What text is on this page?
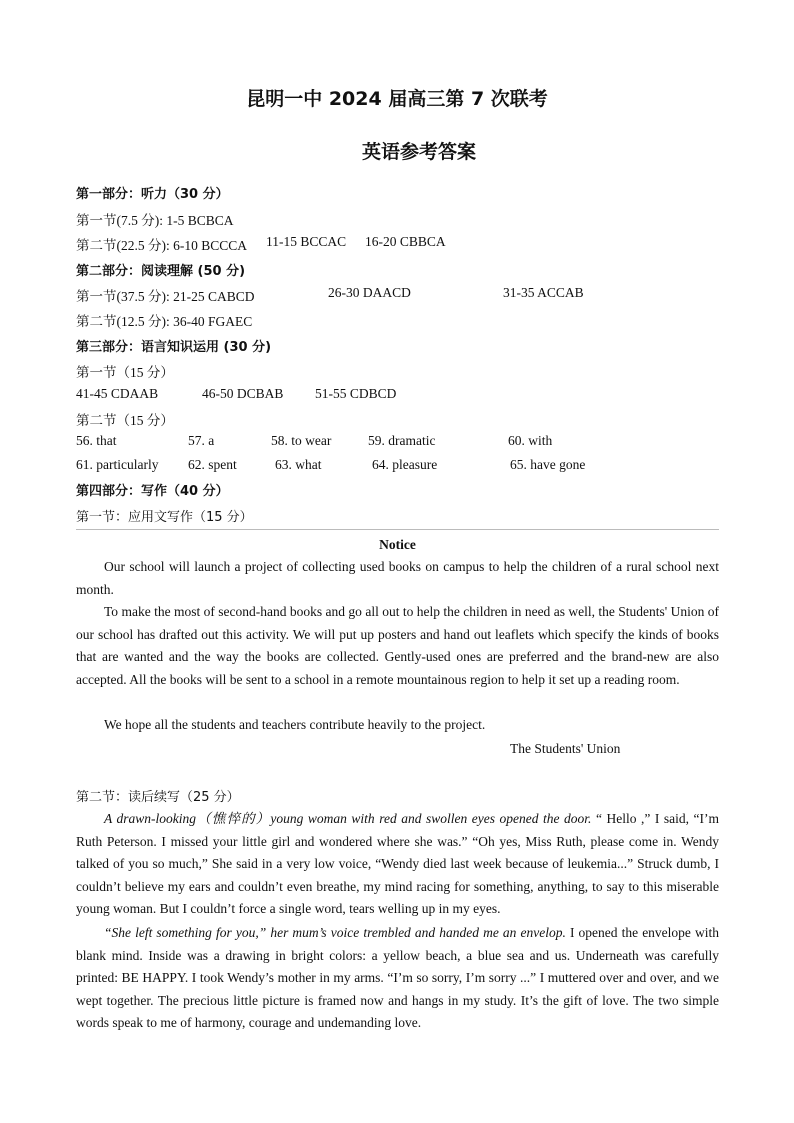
昆明一中 2024 届高三第 7 次联考
英语参考答案
第一部分：听力（30 分）
第一节(7.5 分): 1-5 BCBCA
第二节(22.5 分): 6-10 BCCCA 11-15 BCCAC 16-20 CBBCA
第二部分：阅读理解 (50 分)
第一节(37.5 分): 21-25 CABCD	26-30 DAACD	31-35 ACCAB
第二节(12.5 分): 36-40 FGAEC
第三部分：语言知识运用 (30 分)
第一节（15 分）
41-45 CDAAB	46-50 DCBAB 51-55 CDBCD
第二节（15 分）
56. that	57. a	58. to wear	59. dramatic	60. with
61. particularly 62. spent	63. what	64. pleasure	65. have gone
第四部分：写作（40 分）
第一节：应用文写作（15 分）
Notice
Our school will launch a project of collecting used books on campus to help the children of a rural school next month.
To make the most of second-hand books and go all out to help the children in need as well, the Students' Union of our school has drafted out this activity. We will put up posters and hand out leaflets which specify the kinds of books that are wanted and the way the books are collected. Gently-used ones are preferred and the brand-new are also accepted. All the books will be sent to a school in a remote mountainous region to help it set up a reading room.
We hope all the students and teachers contribute heavily to the project.
The Students' Union
第二节：读后续写（25 分）
A drawn-looking（憔悴的）young woman with red and swollen eyes opened the door. “ Hello ,” I said, “I’m Ruth Peterson. I missed your little girl and wondered where she was.” “Oh yes, Miss Ruth, please come in. Wendy talked of you so much,” She said in a very low voice, “Wendy died last week because of leukemia...” Struck dumb, I couldn’t believe my ears and couldn’t even breathe, my mind racing for something, anything, to say to this miserable young woman. But I couldn’t force a single word, tears welling up in my eyes.
“She left something for you,” her mum’s voice trembled and handed me an envelop. I opened the envelope with blank mind. Inside was a drawing in bright colors: a yellow beach, a blue sea and us. Underneath was carefully printed: BE HAPPY. I took Wendy’s mother in my arms. “I’m so sorry, I’m sorry ...” I muttered over and over, and we wept together. The precious little picture is framed now and hangs in my study. It’s the gift of love. The two simple words speak to me of harmony, courage and undemanding love.
